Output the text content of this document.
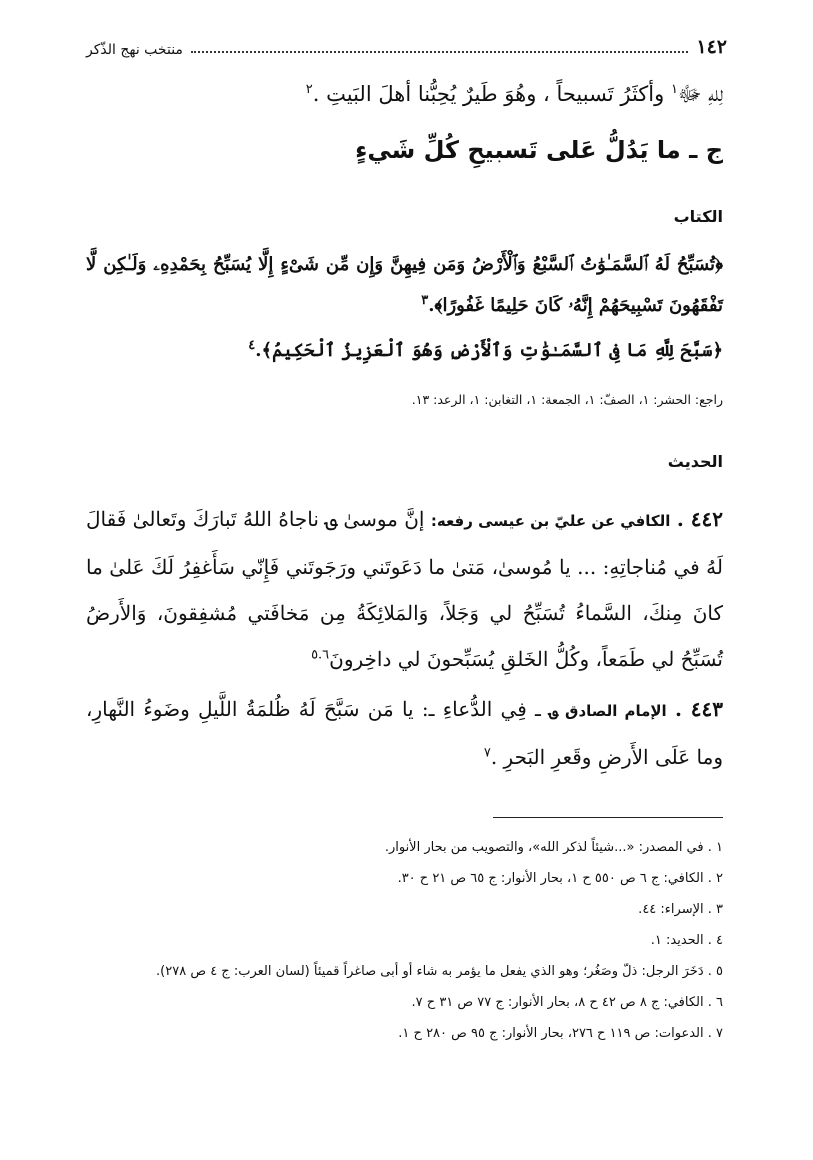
١٤٢
منتخب نهج الذّكر
لِلهِ ﷻ$^١$ وأكثَرُ تَسبيحاً ، وهُوَ طَيرٌ يُحِبُّنا أهلَ البَيتِ .$^٢$
ج ـ ما يَدُلُّ عَلى تَسبيحِ كُلِّ شَيءٍ
الكتاب
﴿تُسَبِّحُ لَهُ ٱلسَّمَـٰوَٰتُ ٱلسَّبْعُ وَٱلْأَرْضُ وَمَن فِيهِنَّ وَإِن مِّن شَىْءٍ إِلَّا يُسَبِّحُ بِحَمْدِهِۦ وَلَـٰكِن لَّا تَفْقَهُونَ تَسْبِيحَهُمْ إِنَّهُۥ كَانَ حَلِيمًا غَفُورًا﴾.$^٣$
﴿سَبَّحَ لِلَّهِ مَا فِى ٱلسَّمَـٰوَٰتِ وَٱلْأَرْضِ وَهُوَ ٱلْعَزِيزُ ٱلْحَكِيمُ﴾.$^٤$
راجع: الحشر: ١، الصفّ: ١، الجمعة: ١، التغابن: ١، الرعد: ١٣.
الحديث
٤٤٢ . الكافي عن عليّ بن عيسى رفعه: إنَّ موسىٰ ؈ ناجاهُ اللهُ تَبارَكَ وتَعالىٰ فَقالَ لَهُ في مُناجاتِهِ: ... يا مُوسىٰ، مَتىٰ ما دَعَوتَني ورَجَوتَني فَإِنّي سَأَغفِرُ لَكَ عَلىٰ ما كانَ مِنكَ، السَّماءُ تُسَبِّحُ لي وَجَلاً، وَالمَلائِكَةُ مِن مَخافَتي مُشفِقونَ، وَالأَرضُ تُسَبِّحُ لي طَمَعاً، وكُلُّ الخَلقِ يُسَبِّحونَ لي داخِرونَ$^{٥.٦}$
٤٤٣ . الإمام الصادق ؈ ـ فِي الدُّعاءِ ـ: يا مَن سَبَّحَ لَهُ ظُلمَةُ اللَّيلِ وضَوءُ النَّهارِ، وما عَلَى الأَرضِ وقَعرِ البَحرِ .$^٧$
١ . في المصدر: «...شيئاً لذكر الله»، والتصويب من بحار الأنوار.
٢ . الكافي: ج ٦ ص ٥٥٠ ح ١، بحار الأنوار: ج ٦٥ ص ٢١ ح ٣٠.
٣ . الإسراء: ٤٤.
٤ . الحديد: ١.
٥ . دَخَرَ الرجل: ذلّ وصَغُر؛ وهو الذي يفعل ما يؤمر به شاء أو أبى صاغراً قميئاً (لسان العرب: ج ٤ ص ٢٧٨).
٦ . الكافي: ج ٨ ص ٤٢ ح ٨، بحار الأنوار: ج ٧٧ ص ٣١ ح ٧.
٧ . الدعوات: ص ١١٩ ح ٢٧٦، بحار الأنوار: ج ٩٥ ص ٢٨٠ ح ١.
